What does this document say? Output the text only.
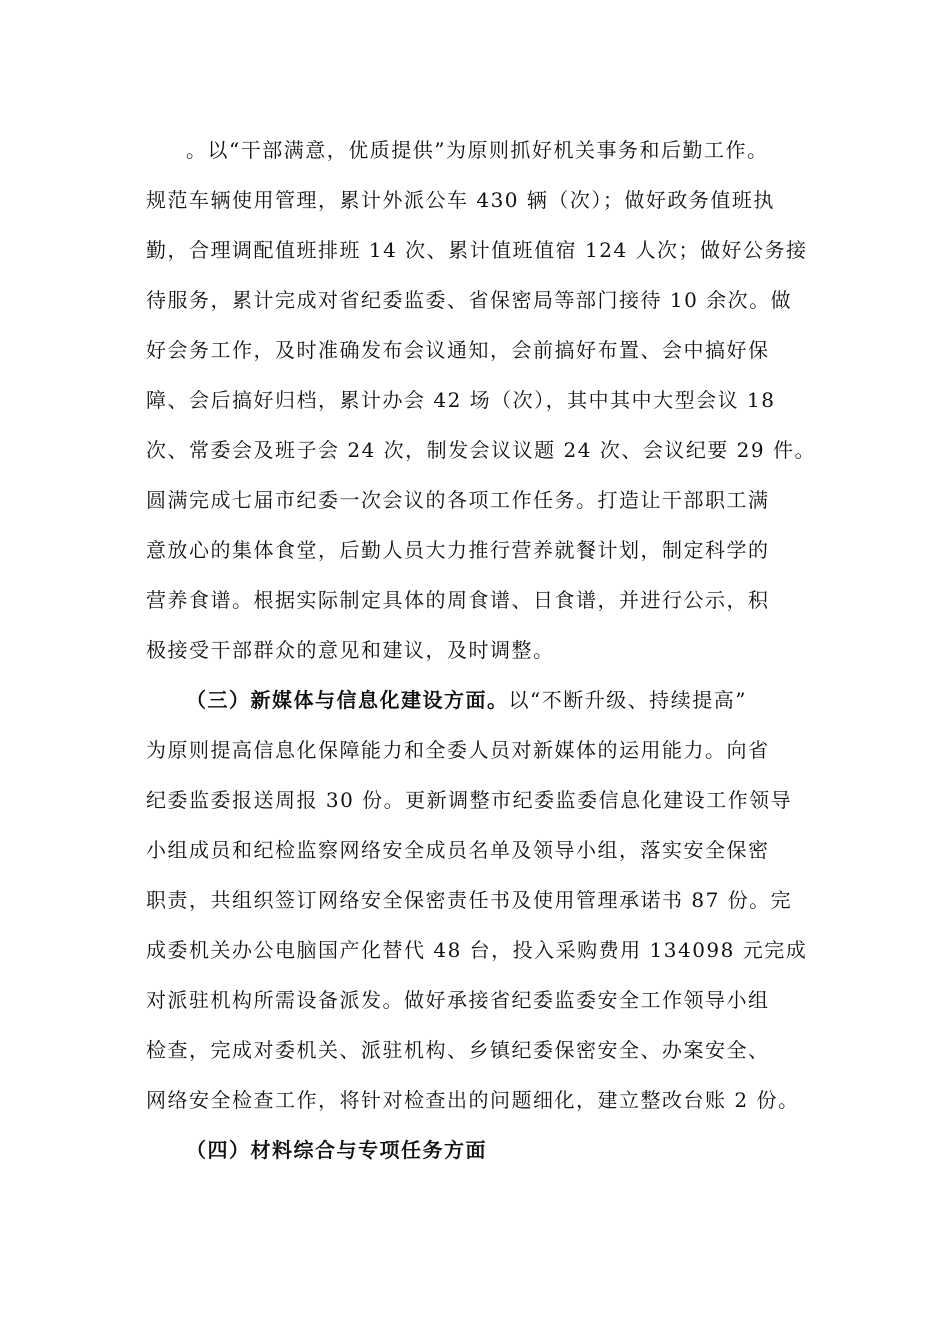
。以“干部满意，优质提供”为原则抓好机关事务和后勤工作。
规范车辆使用管理，累计外派公车 430 辆（次）；做好政务值班执
勤，合理调配值班排班 14 次、累计值班值宿 124 人次；做好公务接
待服务，累计完成对省纪委监委、省保密局等部门接待 10 余次。做
好会务工作，及时准确发布会议通知，会前搞好布置、会中搞好保
障、会后搞好归档，累计办会 42 场（次），其中其中大型会议 18
次、常委会及班子会 24 次，制发会议议题 24 次、会议纪要 29 件。
圆满完成七届市纪委一次会议的各项工作任务。打造让干部职工满
意放心的集体食堂，后勤人员大力推行营养就餐计划，制定科学的
营养食谱。根据实际制定具体的周食谱、日食谱，并进行公示，积
极接受干部群众的意见和建议，及时调整。
（三）新媒体与信息化建设方面。以“不断升级、持续提高”
为原则提高信息化保障能力和全委人员对新媒体的运用能力。向省
纪委监委报送周报 30 份。更新调整市纪委监委信息化建设工作领导
小组成员和纪检监察网络安全成员名单及领导小组，落实安全保密
职责，共组织签订网络安全保密责任书及使用管理承诺书 87 份。完
成委机关办公电脑国产化替代 48 台，投入采购费用 134098 元完成
对派驻机构所需设备派发。做好承接省纪委监委安全工作领导小组
检查，完成对委机关、派驻机构、乡镇纪委保密安全、办案安全、
网络安全检查工作，将针对检查出的问题细化，建立整改台账 2 份。
（四）材料综合与专项任务方面
